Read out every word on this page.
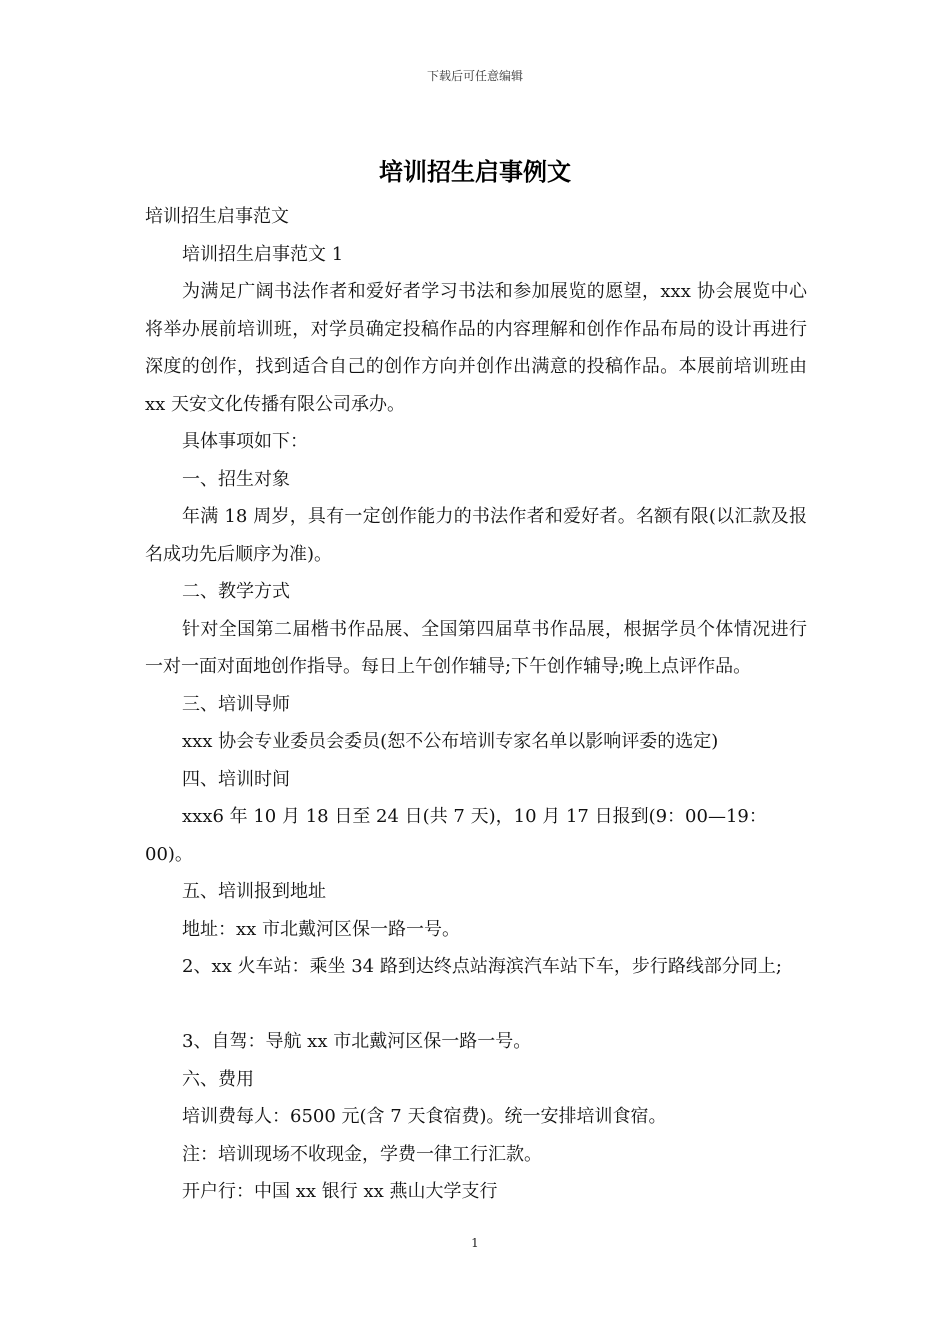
下载后可任意编辑
培训招生启事例文

培训招生启事范文

培训招生启事范文 1

为满足广阔书法作者和爱好者学习书法和参加展览的愿望，xxx 协会展览中心将举办展前培训班，对学员确定投稿作品的内容理解和创作作品布局的设计再进行深度的创作，找到适合自己的创作方向并创作出满意的投稿作品。本展前培训班由 xx 天安文化传播有限公司承办。

具体事项如下：

一、招生对象

年满 18 周岁，具有一定创作能力的书法作者和爱好者。名额有限(以汇款及报名成功先后顺序为准)。

二、教学方式

针对全国第二届楷书作品展、全国第四届草书作品展，根据学员个体情况进行一对一面对面地创作指导。每日上午创作辅导;下午创作辅导;晚上点评作品。

三、培训导师

xxx 协会专业委员会委员(恕不公布培训专家名单以影响评委的选定)

四、培训时间

xxx6 年 10 月 18 日至 24 日(共 7 天)，10 月 17 日报到(9：00—19：00)。

五、培训报到地址

地址：xx 市北戴河区保一路一号。

2、xx 火车站：乘坐 34 路到达终点站海滨汽车站下车，步行路线部分同上;

3、自驾：导航 xx 市北戴河区保一路一号。

六、费用

培训费每人：6500 元(含 7 天食宿费)。统一安排培训食宿。

注：培训现场不收现金，学费一律工行汇款。

开户行：中国 xx 银行 xx 燕山大学支行

1
